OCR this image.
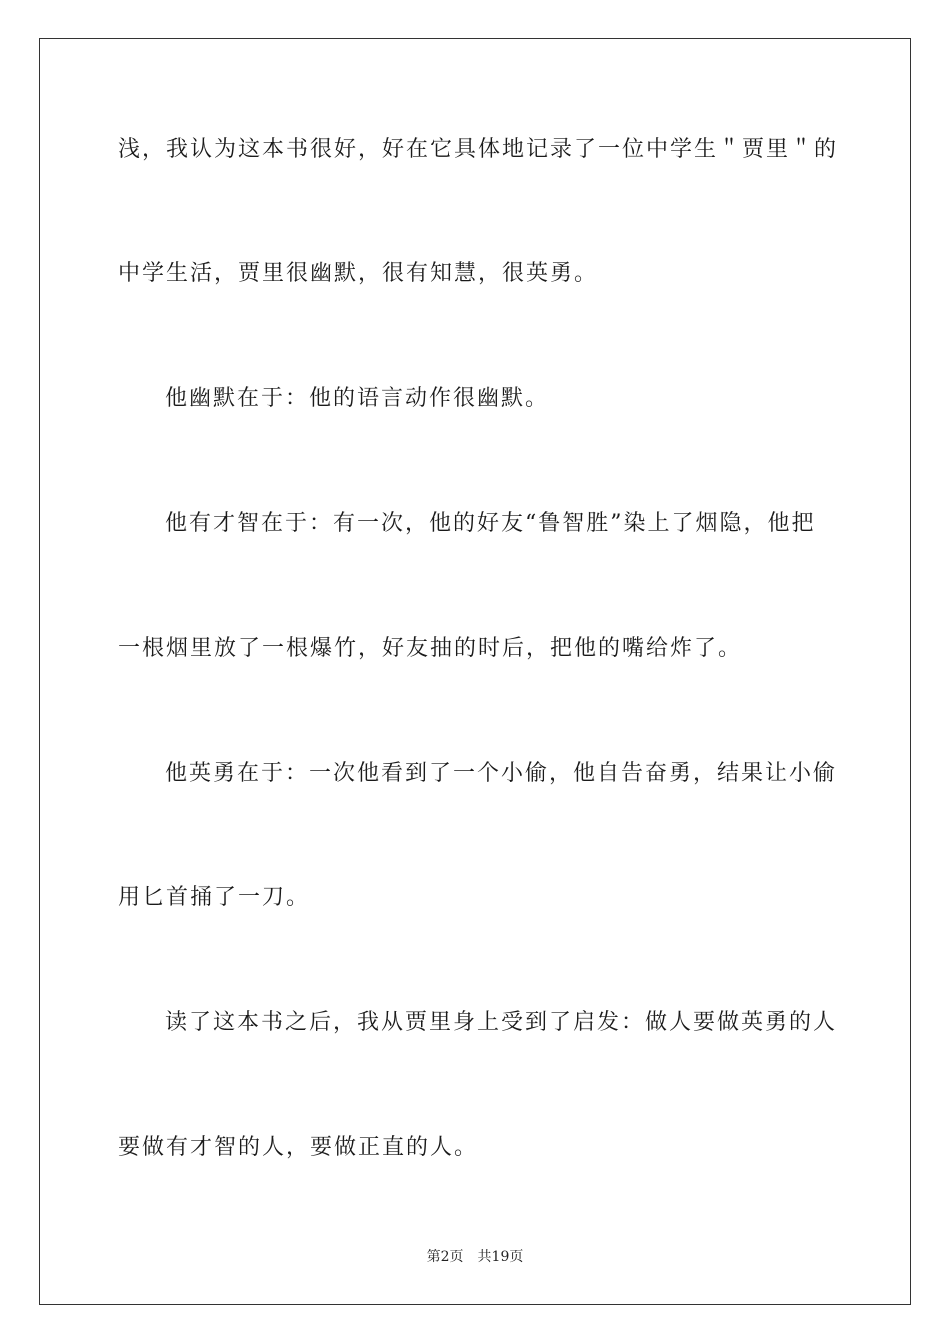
浅，我认为这本书很好，好在它具体地记录了一位中学生＂贾里＂的
中学生活，贾里很幽默，很有知慧，很英勇。
他幽默在于：他的语言动作很幽默。
他有才智在于：有一次，他的好友“鲁智胜”染上了烟隐，他把
一根烟里放了一根爆竹，好友抽的时后，把他的嘴给炸了。
他英勇在于：一次他看到了一个小偷，他自告奋勇，结果让小偷
用匕首捅了一刀。
读了这本书之后，我从贾里身上受到了启发：做人要做英勇的人
要做有才智的人，要做正直的人。
第2页 共19页
